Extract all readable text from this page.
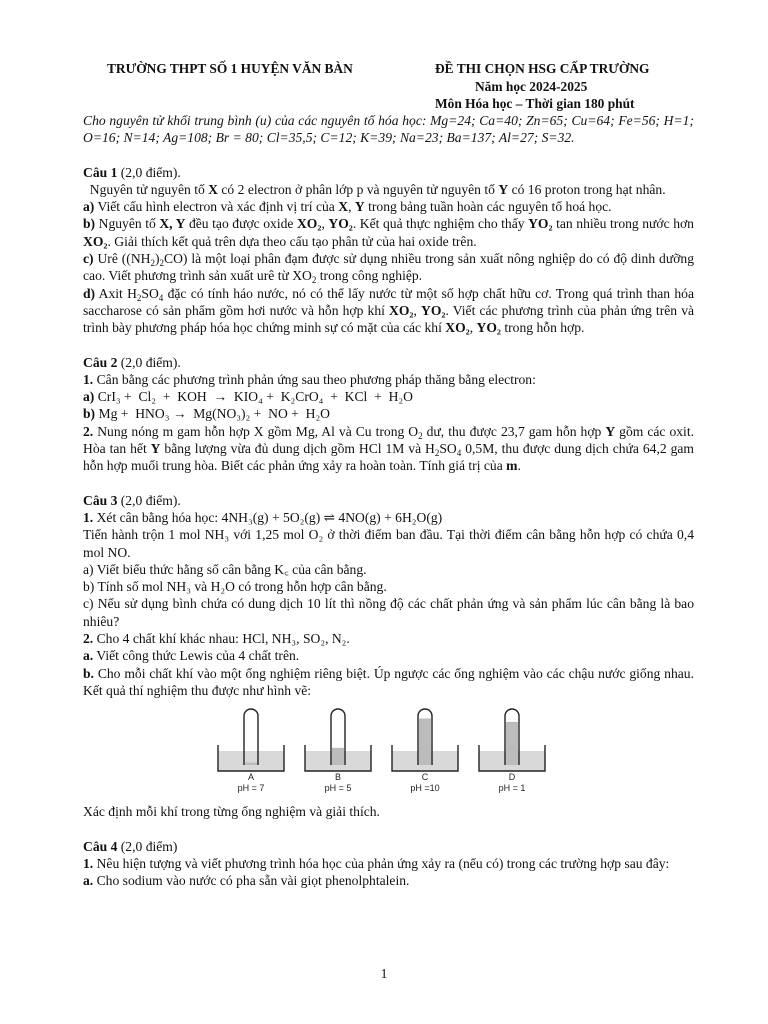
TRƯỜNG THPT SỐ 1 HUYỆN VĂN BÀN	ĐỀ THI CHỌN HSG CẤP TRƯỜNG
Năm học 2024-2025
Môn Hóa học – Thời gian 180 phút

Cho nguyên tử khối trung bình (u) của các nguyên tố hóa học: Mg=24; Ca=40; Zn=65; Cu=64; Fe=56; H=1; O=16; N=14; Ag=108; Br = 80; Cl=35,5; C=12; K=39; Na=23; Ba=137; Al=27; S=32.

Câu 1 (2,0 điểm).

Nguyên tử nguyên tố X có 2 electron ở phân lớp p và nguyên tử nguyên tố Y có 16 proton trong hạt nhân.

a) Viết cấu hình electron và xác định vị trí của X, Y trong bảng tuần hoàn các nguyên tố hoá học.

b) Nguyên tố X, Y đều tạo được oxide XO₂, YO₂. Kết quả thực nghiệm cho thấy YO₂ tan nhiều trong nước hơn XO₂. Giải thích kết quả trên dựa theo cấu tạo phân tử của hai oxide trên.

c) Urê $((NH_2)_2CO)$ là một loại phân đạm được sử dụng nhiều trong sản xuất nông nghiệp do có độ dinh dưỡng cao. Viết phương trình sản xuất urê từ $XO_2$ trong công nghiệp.

d) Axit $H_2SO_4$ đặc có tính háo nước, nó có thể lấy nước từ một số hợp chất hữu cơ. Trong quá trình than hóa saccharose có sản phẩm gồm hơi nước và hỗn hợp khí XO₂, YO₂. Viết các phương trình của phản ứng trên và trình bày phương pháp hóa học chứng minh sự có mặt của các khí XO₂, YO₂ trong hỗn hợp.

Câu 2 (2,0 điểm).

1. Cân bằng các phương trình phản ứng sau theo phương pháp thăng bằng electron:

a) CrI₃ +  Cl₂  +  KOH  →  KIO₄ +  K₂CrO₄  +  KCl  +  H₂O

b) Mg +  HNO₃ →  Mg(NO₃)₂ +  NO +  H₂O

2. Nung nóng m gam hỗn hợp X gồm Mg, Al và Cu trong $O_2$ dư, thu được 23,7 gam hỗn hợp Y gồm các oxit. Hòa tan hết Y bằng lượng vừa đủ dung dịch gồm HCl 1M và $H_2SO_4$ 0,5M, thu được dung dịch chứa 64,2 gam hỗn hợp muối trung hòa. Biết các phản ứng xảy ra hoàn toàn. Tính giá trị của m.

Câu 3 (2,0 điểm).

1. Xét cân bằng hóa học: 4NH₃(g) + 5O₂(g) ⇌ 4NO(g) + 6H₂O(g)

Tiến hành trộn 1 mol NH₃ với 1,25 mol O₂ ở thời điểm ban đầu. Tại thời điểm cân bằng hỗn hợp có chứa 0,4 mol NO.

a) Viết biểu thức hằng số cân bằng K꜀ của cân bằng.

b) Tính số mol NH₃ và H₂O có trong hỗn hợp cân bằng.

c) Nếu sử dụng bình chứa có dung dịch 10 lít thì nồng độ các chất phản ứng và sản phẩm lúc cân bằng là bao nhiêu?

2. Cho 4 chất khí khác nhau: HCl, NH₃, SO₂, N₂.

a. Viết công thức Lewis của 4 chất trên.

b. Cho mỗi chất khí vào một ống nghiệm riêng biệt. Úp ngược các ống nghiệm vào các chậu nước giống nhau. Kết quả thí nghiệm thu được như hình vẽ:

A
pH = 7
B
pH = 5
C
pH =10
D
pH = 1

Xác định mỗi khí trong từng ống nghiệm và giải thích.

Câu 4 (2,0 điểm)

1. Nêu hiện tượng và viết phương trình hóa học của phản ứng xảy ra (nếu có) trong các trường hợp sau đây:

a. Cho sodium vào nước có pha sẵn vài giọt phenolphtalein.

1
